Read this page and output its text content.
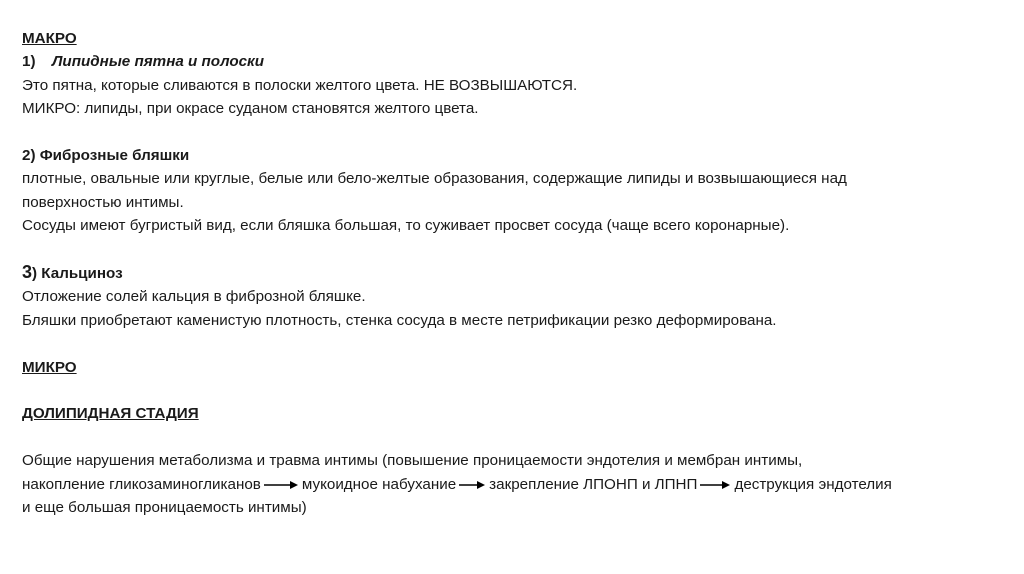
МАКРО
1) Липидные пятна и полоски
Это пятна, которые сливаются в полоски желтого цвета. НЕ ВОЗВЫШАЮТСЯ.
МИКРО: липиды, при окрасе суданом становятся желтого цвета.
2) Фиброзные бляшки
плотные, овальные или круглые, белые или бело-желтые образования, содержащие липиды и возвышающиеся над
поверхностью интимы.
Сосуды имеют бугристый вид, если бляшка большая, то суживает просвет сосуда (чаще всего коронарные).
3) Кальциноз
Отложение солей кальция в фиброзной бляшке.
Бляшки приобретают каменистую плотность, стенка сосуда в месте петрификации резко деформирована.
МИКРО
ДОЛИПИДНАЯ СТАДИЯ
Общие нарушения метаболизма и травма интимы (повышение проницаемости эндотелия и мембран интимы,
накопление гликозаминогликанов	мукоидное набухание закрепление ЛПОНП и ЛПНП деструкция эндотелия
и еще большая проницаемость интимы)
